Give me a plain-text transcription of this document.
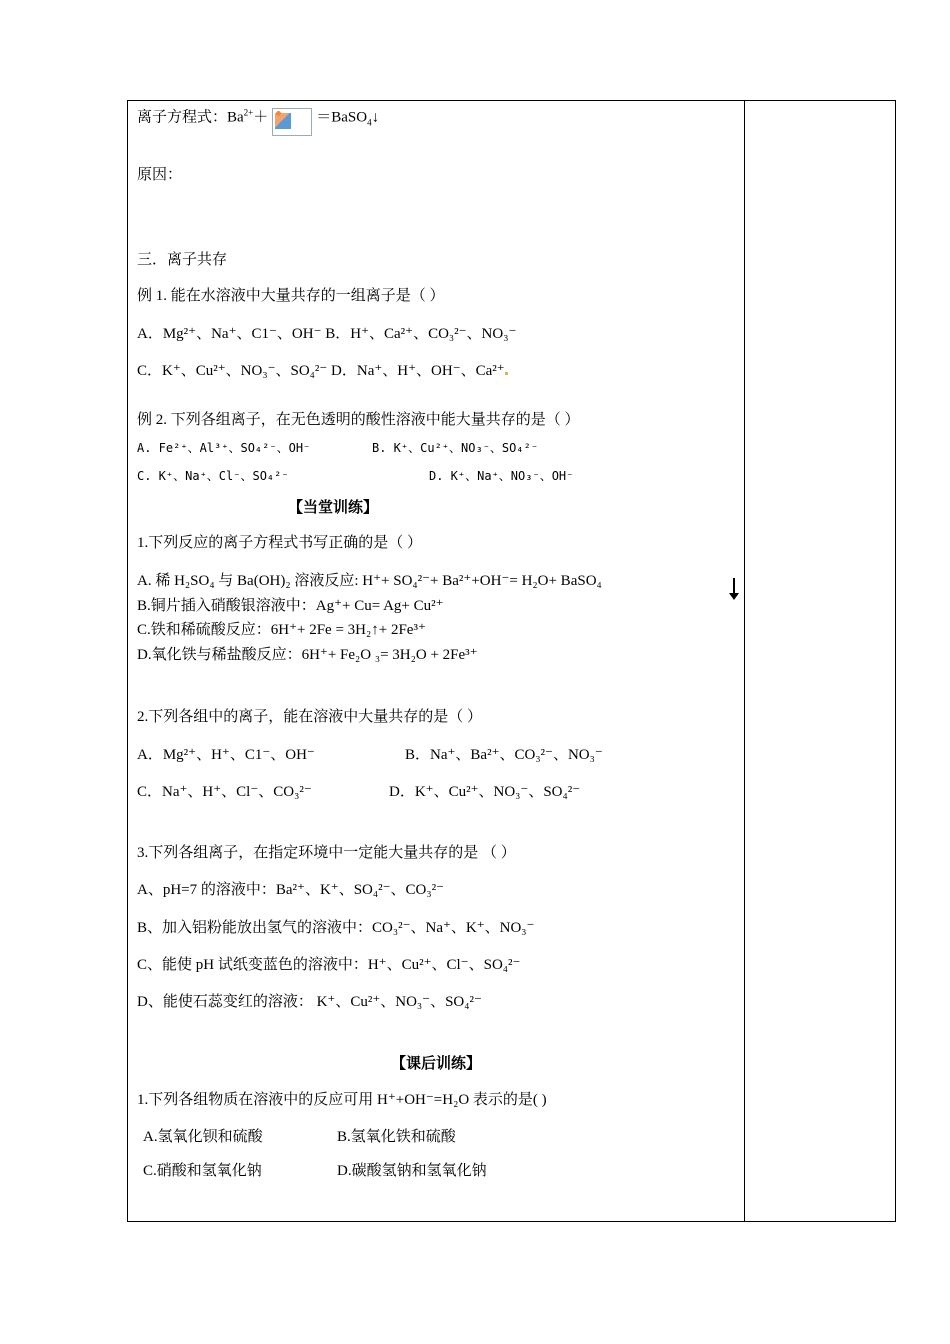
离子方程式：$Ba^{2+}+$	＝BaSO$_4$↓
原因：
三．离子共存
例 1. 能在水溶液中大量共存的一组离子是（ ）
A．Mg²⁺、Na⁺、C1⁻、OH⁻ B．H⁺、Ca²⁺、CO₃²⁻、NO₃⁻
C．K⁺、Cu²⁺、NO₃⁻、SO₄²⁻ D．Na⁺、H⁺、OH⁻、Ca²⁺
例 2. 下列各组离子，在无色透明的酸性溶液中能大量共存的是（ ）
A. Fe²⁺、Al³⁺、SO₄²⁻、OH⁻	B. K⁺、Cu²⁺、NO₃⁻、SO₄²⁻
C. K⁺、Na⁺、Cl⁻、SO₄²⁻	D. K⁺、Na⁺、NO₃⁻、OH⁻
【当堂训练】
1.下列反应的离子方程式书写正确的是（ ）
A. 稀 H₂SO₄ 与 Ba(OH)₂ 溶液反应: H⁺+ SO₄²⁻+ Ba²⁺+OH⁻= H₂O+ BaSO₄
B.铜片插入硝酸银溶液中：Ag⁺+ Cu= Ag+ Cu²⁺
C.铁和稀硫酸反应：6H⁺+ 2Fe = 3H₂↑+ 2Fe³⁺
D.氧化铁与稀盐酸反应：6H⁺+ Fe₂O ₃= 3H₂O + 2Fe³⁺
2.下列各组中的离子，能在溶液中大量共存的是（ ）
A．Mg²⁺、H⁺、C1⁻、OH⁻	B．Na⁺、Ba²⁺、CO₃²⁻、NO₃⁻
C．Na⁺、H⁺、Cl⁻、CO₃²⁻	D．K⁺、Cu²⁺、NO₃⁻、SO₄²⁻
3.下列各组离子，在指定环境中一定能大量共存的是 （ ）
A、pH=7 的溶液中：Ba²⁺、K⁺、SO₄²⁻、CO₃²⁻
B、加入铝粉能放出氢气的溶液中：CO₃²⁻、Na⁺、K⁺、NO₃⁻
C、能使 pH 试纸变蓝色的溶液中：H⁺、Cu²⁺、Cl⁻、SO₄²⁻
D、能使石蕊变红的溶液： K⁺、Cu²⁺、NO₃⁻、SO₄²⁻
【课后训练】
1.下列各组物质在溶液中的反应可用 H⁺+OH⁻=H₂O 表示的是( )
A.氢氧化钡和硫酸	B.氢氧化铁和硫酸
C.硝酸和氢氧化钠	D.碳酸氢钠和氢氧化钠
